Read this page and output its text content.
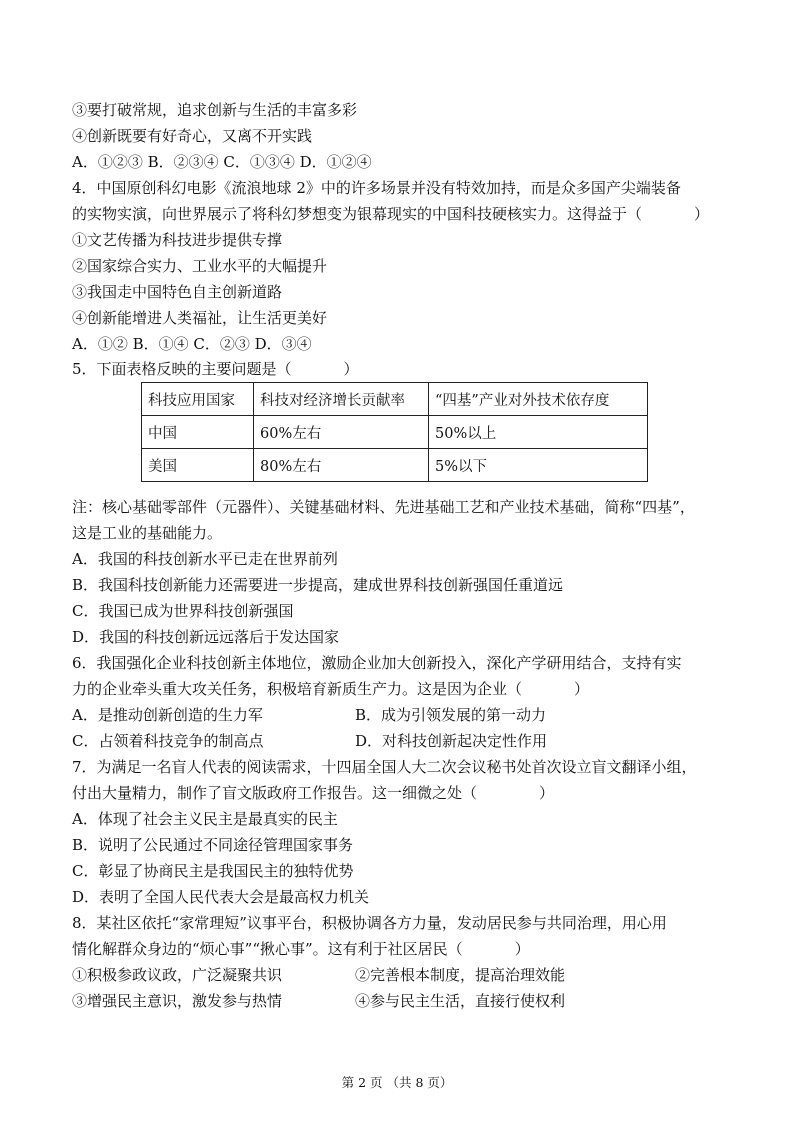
③要打破常规，追求创新与生活的丰富多彩
④创新既要有好奇心，又离不开实践
A．①②③ B．②③④ C．①③④ D．①②④
4．中国原创科幻电影《流浪地球 2》中的许多场景并没有特效加持，而是众多国产尖端装备
的实物实演，向世界展示了将科幻梦想变为银幕现实的中国科技硬核实力。这得益于（	）
①文艺传播为科技进步提供专撑
②国家综合实力、工业水平的大幅提升
③我国走中国特色自主创新道路
④创新能增进人类福祉，让生活更美好
A．①② B．①④ C．②③ D．③④
5．下面表格反映的主要问题是（	）
科技应用国家	科技对经济增长贡献率	“四基”产业对外技术依存度
中国	60%左右	50%以上
美国	80%左右	5%以下
注：核心基础零部件（元器件）、关键基础材料、先进基础工艺和产业技术基础，简称“四基”，
这是工业的基础能力。
A．我国的科技创新水平已走在世界前列
B．我国科技创新能力还需要进一步提高，建成世界科技创新强国任重道远
C．我国已成为世界科技创新强国
D．我国的科技创新远远落后于发达国家
6．我国强化企业科技创新主体地位，激励企业加大创新投入，深化产学研用结合，支持有实
力的企业牵头重大攻关任务，积极培育新质生产力。这是因为企业（	）
A．是推动创新创造的生力军	B．成为引领发展的第一动力
C．占领着科技竞争的制高点	D．对科技创新起决定性作用
7．为满足一名盲人代表的阅读需求，十四届全国人大二次会议秘书处首次设立盲文翻译小组，
付出大量精力，制作了盲文版政府工作报告。这一细微之处（	）
A．体现了社会主义民主是最真实的民主
B．说明了公民通过不同途径管理国家事务
C．彰显了协商民主是我国民主的独特优势
D．表明了全国人民代表大会是最高权力机关
8．某社区依托“家常理短”议事平台，积极协调各方力量，发动居民参与共同治理，用心用
情化解群众身边的“烦心事”“揪心事”。这有利于社区居民（	）
①积极参政议政，广泛凝聚共识	②完善根本制度，提高治理效能
③增强民主意识，激发参与热情	④参与民主生活，直接行使权利
第 2 页 （共 8 页）
